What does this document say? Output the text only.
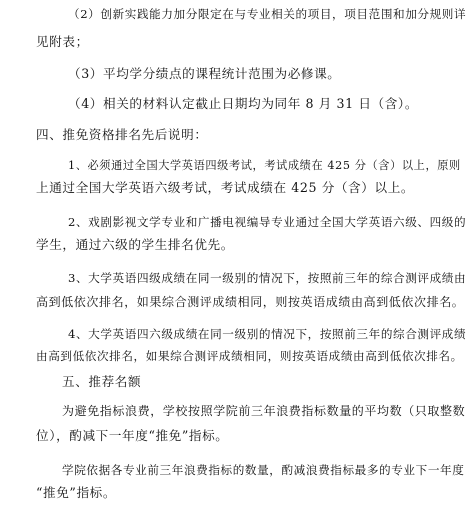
（2）创新实践能力加分限定在与专业相关的项目，项目范围和加分规则详
见附表；
（3）平均学分绩点的课程统计范围为必修课。
（4）相关的材料认定截止日期均为同年 8 月 31 日（含）。
四、推免资格排名先后说明：
1、必须通过全国大学英语四级考试，考试成绩在 425 分（含）以上，原则
上通过全国大学英语六级考试，考试成绩在 425 分（含）以上。
2、戏剧影视文学专业和广播电视编导专业通过全国大学英语六级、四级的
学生，通过六级的学生排名优先。
3、大学英语四级成绩在同一级别的情况下，按照前三年的综合测评成绩由
高到低依次排名，如果综合测评成绩相同，则按英语成绩由高到低依次排名。
4、大学英语四六级成绩在同一级别的情况下，按照前三年的综合测评成绩
由高到低依次排名，如果综合测评成绩相同，则按英语成绩由高到低依次排名。
五、推荐名额
为避免指标浪费，学校按照学院前三年浪费指标数量的平均数（只取整数
位），酌减下一年度“推免”指标。
学院依据各专业前三年浪费指标的数量，酌减浪费指标最多的专业下一年度
“推免”指标。
